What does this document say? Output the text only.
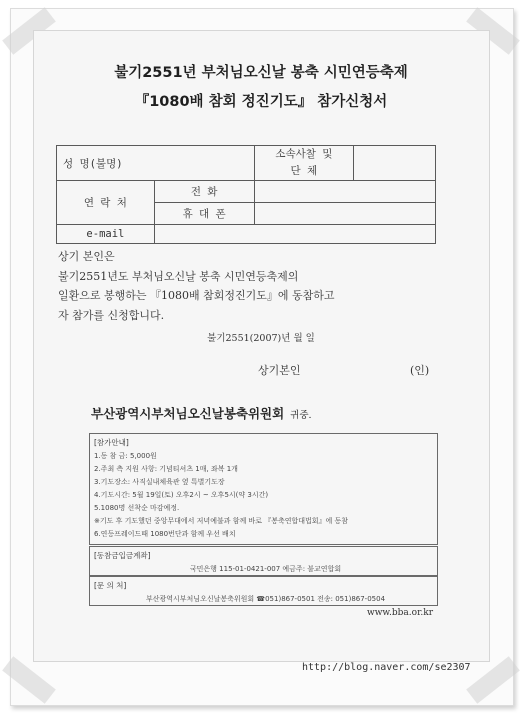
불기2551년 부처님오신날 봉축 시민연등축제
『1080배 참회 정진기도』 참가신청서
성 명(불명)		소속사찰 및
단 체	
연 락 처	전 화		
	휴 대 폰		
e-mail			

상기 본인은

불기2551년도 부처님오신날 봉축 시민연등축제의

일환으로 봉행하는 『1080배 참회정진기도』에 동참하고

자 참가를 신청합니다.

불기2551(2007)년 월 일
상기본인	(인)
부산광역시부처님오신날봉축위원회 귀중.
[참가안내]
1.동 참 금: 5,000원
2.주최 측 지원 사항: 기념티셔츠 1매, 좌복 1개
3.기도장소: 사직실내체육관 옆 특별기도장
4.기도시간: 5월 19일(토) 오후2시 ~ 오후5시(약 3시간)
5.1080명 선착순 마감예정.
※기도 후 기도했던 중앙무대에서 저녁예불과 함께 바로 『봉축연합대법회』에 동참
6.연등프레이드때 1080번단과 함께 우선 배치
[동참금입금계좌]
국민은행 115-01-0421-007 예금주: 불교연합회
[문 의 처]
부산광역시부처님오신날봉축위원회 ☎051)867-0501 전송: 051)867-0504
www.bba.or.kr
http://blog.naver.com/se2307
